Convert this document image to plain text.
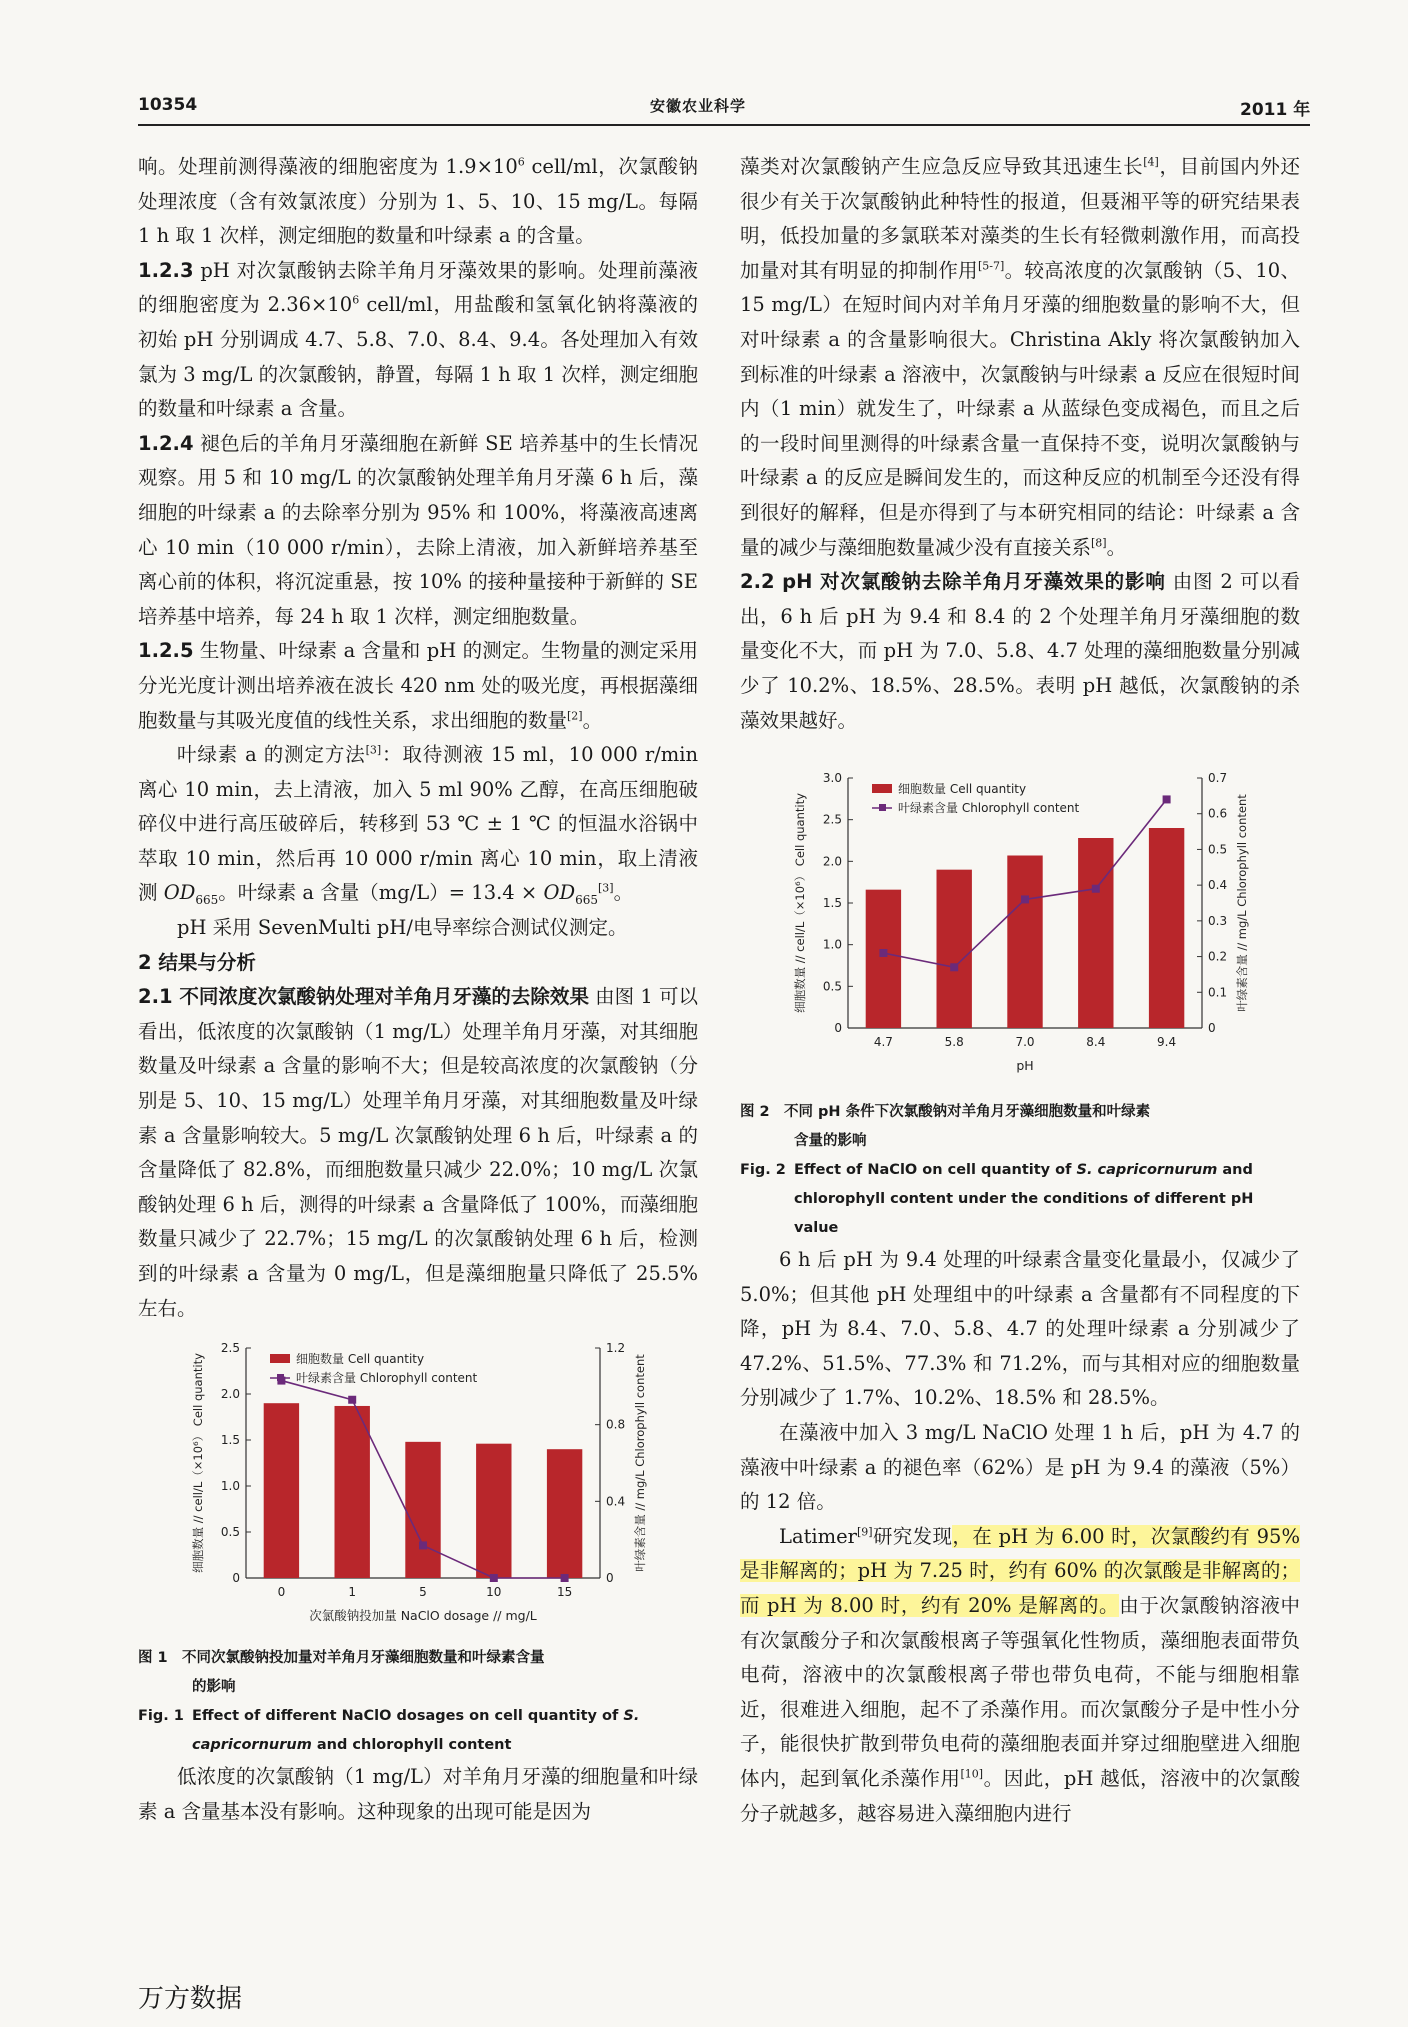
10354	安徽农业科学	2011 年

响。处理前测得藻液的细胞密度为 $1.9\times 10^6$ cell/ml，次氯酸钠处理浓度（含有效氯浓度）分别为 1、5、10、15 mg/L。每隔 1 h 取 1 次样，测定细胞的数量和叶绿素 a 的含量。

1.2.3 pH 对次氯酸钠去除羊角月牙藻效果的影响。处理前藻液的细胞密度为 $2.36\times 10^6$ cell/ml，用盐酸和氢氧化钠将藻液的初始 pH 分别调成 4.7、5.8、7.0、8.4、9.4。各处理加入有效氯为 3 mg/L 的次氯酸钠，静置，每隔 1 h 取 1 次样，测定细胞的数量和叶绿素 a 含量。

1.2.4 褪色后的羊角月牙藻细胞在新鲜 SE 培养基中的生长情况观察。用 5 和 10 mg/L 的次氯酸钠处理羊角月牙藻 6 h 后，藻细胞的叶绿素 a 的去除率分别为 95% 和 100%，将藻液高速离心 10 min（10 000 r/min），去除上清液，加入新鲜培养基至离心前的体积，将沉淀重悬，按 10% 的接种量接种于新鲜的 SE 培养基中培养，每 24 h 取 1 次样，测定细胞数量。

1.2.5 生物量、叶绿素 a 含量和 pH 的测定。生物量的测定采用分光光度计测出培养液在波长 420 nm 处的吸光度，再根据藻细胞数量与其吸光度值的线性关系，求出细胞的数量[2]。

叶绿素 a 的测定方法[3]：取待测液 15 ml，10 000 r/min 离心 10 min，去上清液，加入 5 ml 90% 乙醇，在高压细胞破碎仪中进行高压破碎后，转移到 53 ℃ ± 1 ℃ 的恒温水浴锅中萃取 10 min，然后再 10 000 r/min 离心 10 min，取上清液测 $OD_{665}$。叶绿素 a 含量$(mg/L)= 13.4 \times OD_{665}[3]$。

pH 采用 SevenMulti pH/电导率综合测试仪测定。

2 结果与分析

2.1 不同浓度次氯酸钠处理对羊角月牙藻的去除效果 由图 1 可以看出，低浓度的次氯酸钠（1 mg/L）处理羊角月牙藻，对其细胞数量及叶绿素 a 含量的影响不大；但是较高浓度的次氯酸钠（分别是 5、10、15 mg/L）处理羊角月牙藻，对其细胞数量及叶绿素 a 含量影响较大。5 mg/L 次氯酸钠处理 6 h 后，叶绿素 a 的含量降低了 82.8%，而细胞数量只减少 22.0%；10 mg/L 次氯酸钠处理 6 h 后，测得的叶绿素 a 含量降低了 100%，而藻细胞数量只减少了 22.7%；15 mg/L 的次氯酸钠处理 6 h 后，检测到的叶绿素 a 含量为 0 mg/L，但是藻细胞量只降低了 25.5% 左右。

0
0.5
1.0
1.5
2.0
2.5
0
0.4
0.8
1.2
0	1	5	10	15
细胞数量 Cell quantity
叶绿素含量 Chlorophyll content
细胞数量 // cell/L（×10⁶） Cell quantity	叶绿素含量 // mg/L Chlorophyll content
次氯酸钠投加量 NaClO dosage // mg/L
图 1 不同次氯酸钠投加量对羊角月牙藻细胞数量和叶绿素含量
的影响
Fig. 1 Effect of different NaClO dosages on cell quantity of S.
capricornurum and chlorophyll content

低浓度的次氯酸钠（1 mg/L）对羊角月牙藻的细胞量和叶绿素 a 含量基本没有影响。这种现象的出现可能是因为

藻类对次氯酸钠产生应急反应导致其迅速生长[4]，目前国内外还很少有关于次氯酸钠此种特性的报道，但聂湘平等的研究结果表明，低投加量的多氯联苯对藻类的生长有轻微刺激作用，而高投加量对其有明显的抑制作用[5-7]。较高浓度的次氯酸钠（5、10、15 mg/L）在短时间内对羊角月牙藻的细胞数量的影响不大，但对叶绿素 a 的含量影响很大。Christina Akly 将次氯酸钠加入到标准的叶绿素 a 溶液中，次氯酸钠与叶绿素 a 反应在很短时间内（1 min）就发生了，叶绿素 a 从蓝绿色变成褐色，而且之后的一段时间里测得的叶绿素含量一直保持不变，说明次氯酸钠与叶绿素 a 的反应是瞬间发生的，而这种反应的机制至今还没有得到很好的解释，但是亦得到了与本研究相同的结论：叶绿素 a 含量的减少与藻细胞数量减少没有直接关系[8]。

2.2 pH 对次氯酸钠去除羊角月牙藻效果的影响 由图 2 可以看出，6 h 后 pH 为 9.4 和 8.4 的 2 个处理羊角月牙藻细胞的数量变化不大，而 pH 为 7.0、5.8、4.7 处理的藻细胞数量分别减少了 10.2%、18.5%、28.5%。表明 pH 越低，次氯酸钠的杀藻效果越好。

0
0.5
1.0
1.5
2.0
2.5
3.0
0
0.1
0.2
0.3
0.4
0.5
0.6
0.7
4.7	5.8	7.0	8.4	9.4
细胞数量 Cell quantity
叶绿素含量 Chlorophyll content
细胞数量 // cell/L（×10⁶） Cell quantity	叶绿素含量 // mg/L Chlorophyll content
pH
图 2 不同 pH 条件下次氯酸钠对羊角月牙藻细胞数量和叶绿素
含量的影响
Fig. 2 Effect of NaClO on cell quantity of S. capricornurum and
chlorophyll content under the conditions of different pH
value

6 h 后 pH 为 9.4 处理的叶绿素含量变化量最小，仅减少了 5.0%；但其他 pH 处理组中的叶绿素 a 含量都有不同程度的下降，pH 为 8.4、7.0、5.8、4.7 的处理叶绿素 a 分别减少了 47.2%、51.5%、77.3% 和 71.2%，而与其相对应的细胞数量分别减少了 1.7%、10.2%、18.5% 和 28.5%。

在藻液中加入 3 mg/L NaClO 处理 1 h 后，pH 为 4.7 的藻液中叶绿素 a 的褪色率（62%）是 pH 为 9.4 的藻液（5%）的 12 倍。

Latimer[9]研究发现，在 pH 为 6.00 时，次氯酸约有 95% 是非解离的；pH 为 7.25 时，约有 60% 的次氯酸是非解离的；而 pH 为 8.00 时，约有 20% 是解离的。由于次氯酸钠溶液中有次氯酸分子和次氯酸根离子等强氧化性物质，藻细胞表面带负电荷，溶液中的次氯酸根离子带也带负电荷，不能与细胞相靠近，很难进入细胞，起不了杀藻作用。而次氯酸分子是中性小分子，能很快扩散到带负电荷的藻细胞表面并穿过细胞壁进入细胞体内，起到氧化杀藻作用[10]。因此，pH 越低，溶液中的次氯酸分子就越多，越容易进入藻细胞内进行

万方数据
